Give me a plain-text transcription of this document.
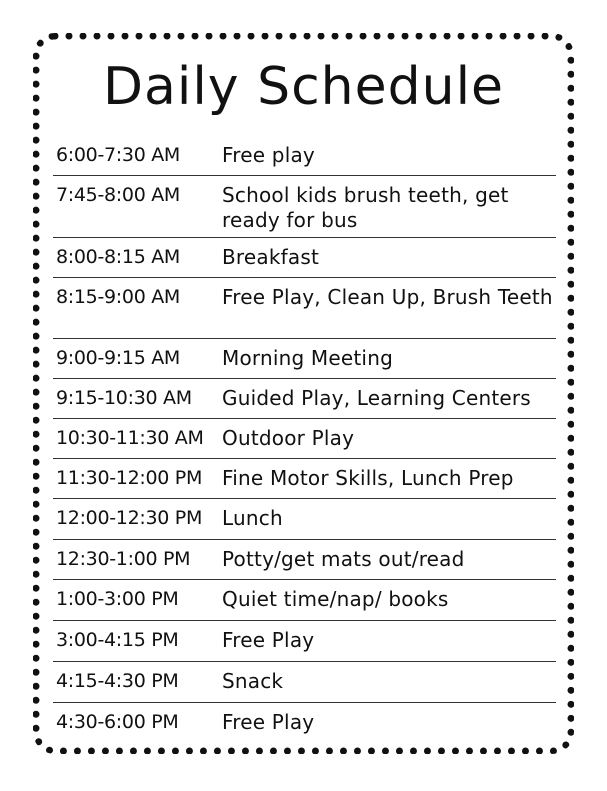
Daily Schedule
6:00-7:30 AM	Free play
7:45-8:00 AM	School kids brush teeth, get ready for bus
8:00-8:15 AM	Breakfast
8:15-9:00 AM	Free Play, Clean Up, Brush Teeth
9:00-9:15 AM	Morning Meeting
9:15-10:30 AM	Guided Play, Learning Centers
10:30-11:30 AM Outdoor Play
11:30-12:00 PM Fine Motor Skills, Lunch Prep
12:00-12:30 PM Lunch
12:30-1:00 PM	Potty/get mats out/read
1:00-3:00 PM	Quiet time/nap/ books
3:00-4:15 PM	Free Play
4:15-4:30 PM	Snack
4:30-6:00 PM	Free Play
